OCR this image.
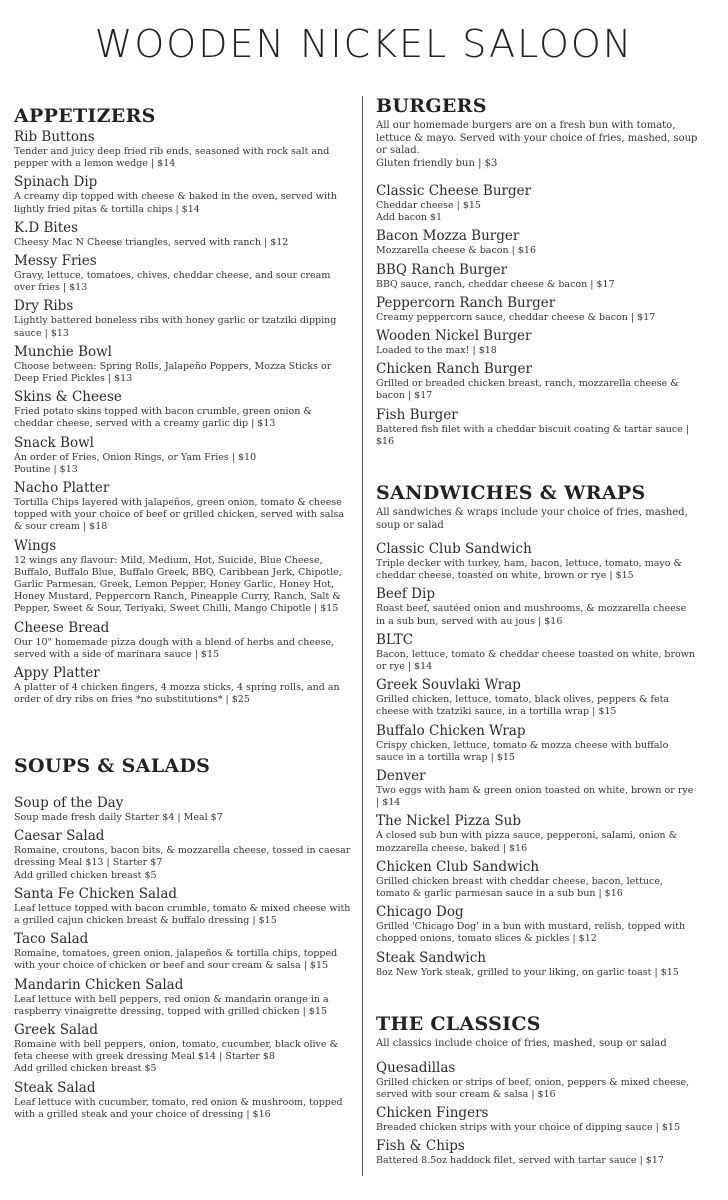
WOODEN NICKEL SALOON
APPETIZERS

Rib Buttons

Tender and juicy deep fried rib ends, seasoned with rock salt and pepper with a lemon wedge | $14

Spinach Dip

A creamy dip topped with cheese & baked in the oven, served with lightly fried pitas & tortilla chips | $14

K.D Bites

Cheesy Mac N Cheese triangles, served with ranch | $12

Messy Fries

Gravy, lettuce, tomatoes, chives, cheddar cheese, and sour cream over fries | $13

Dry Ribs

Lightly battered boneless ribs with honey garlic or tzatziki dipping sauce | $13

Munchie Bowl

Choose between: Spring Rolls, Jalapeño Poppers, Mozza Sticks or Deep Fried Pickles | $13

Skins & Cheese

Fried potato skins topped with bacon crumble, green onion & cheddar cheese, served with a creamy garlic dip | $13

Snack Bowl

An order of Fries, Onion Rings, or Yam Fries | $10
Poutine | $13

Nacho Platter

Tortilla Chips layered with jalapeños, green onion, tomato & cheese topped with your choice of beef or grilled chicken, served with salsa & sour cream | $18

Wings

12 wings any flavour: Mild, Medium, Hot, Suicide, Blue Cheese, Buffalo, Buffalo Blue, Buffalo Greek, BBQ, Caribbean Jerk, Chipotle, Garlic Parmesan, Greek, Lemon Pepper, Honey Garlic, Honey Hot, Honey Mustard, Peppercorn Ranch, Pineapple Curry, Ranch, Salt & Pepper, Sweet & Sour, Teriyaki, Sweet Chilli, Mango Chipotle | $15

Cheese Bread

Our 10" homemade pizza dough with a blend of herbs and cheese, served with a side of marinara sauce | $15

Appy Platter

A platter of 4 chicken fingers, 4 mozza sticks, 4 spring rolls, and an order of dry ribs on fries *no substitutions* | $25

SOUPS & SALADS

Soup of the Day

Soup made fresh daily Starter $4 | Meal $7

Caesar Salad

Romaine, croutons, bacon bits, & mozzarella cheese, tossed in caesar dressing Meal $13 | Starter $7
Add grilled chicken breast $5

Santa Fe Chicken Salad

Leaf lettuce topped with bacon crumble, tomato & mixed cheese with a grilled cajun chicken breast & buffalo dressing | $15

Taco Salad

Romaine, tomatoes, green onion, jalapeños & tortilla chips, topped with your choice of chicken or beef and sour cream & salsa | $15

Mandarin Chicken Salad

Leaf lettuce with bell peppers, red onion & mandarin orange in a raspberry vinaigrette dressing, topped with grilled chicken | $15

Greek Salad

Romaine with bell peppers, onion, tomato, cucumber, black olive & feta cheese with greek dressing Meal $14 | Starter $8
Add grilled chicken breast $5

Steak Salad

Leaf lettuce with cucumber, tomato, red onion & mushroom, topped with a grilled steak and your choice of dressing | $16

BURGERS

All our homemade burgers are on a fresh bun with tomato, lettuce & mayo. Served with your choice of fries, mashed, soup or salad.
Gluten friendly bun | $3

Classic Cheese Burger

Cheddar cheese | $15
Add bacon $1

Bacon Mozza Burger

Mozzarella cheese & bacon | $16

BBQ Ranch Burger

BBQ sauce, ranch, cheddar cheese & bacon | $17

Peppercorn Ranch Burger

Creamy peppercorn sauce, cheddar cheese & bacon | $17

Wooden Nickel Burger

Loaded to the max! | $18

Chicken Ranch Burger

Grilled or breaded chicken breast, ranch, mozzarella cheese & bacon | $17

Fish Burger

Battered fish filet with a cheddar biscuit coating & tartar sauce | $16

SANDWICHES & WRAPS

All sandwiches & wraps include your choice of fries, mashed, soup or salad

Classic Club Sandwich

Triple decker with turkey, ham, bacon, lettuce, tomato, mayo & cheddar cheese, toasted on white, brown or rye | $15

Beef Dip

Roast beef, sautéed onion and mushrooms, & mozzarella cheese in a sub bun, served with au jous | $16

BLTC

Bacon, lettuce, tomato & cheddar cheese toasted on white, brown or rye | $14

Greek Souvlaki Wrap

Grilled chicken, lettuce, tomato, black olives, peppers & feta cheese with tzatziki sauce, in a tortilla wrap | $15

Buffalo Chicken Wrap

Crispy chicken, lettuce, tomato & mozza cheese with buffalo sauce in a tortilla wrap | $15

Denver

Two eggs with ham & green onion toasted on white, brown or rye | $14

The Nickel Pizza Sub

A closed sub bun with pizza sauce, pepperoni, salami, onion & mozzarella cheese, baked | $16

Chicken Club Sandwich

Grilled chicken breast with cheddar cheese, bacon, lettuce, tomato & garlic parmesan sauce in a sub bun | $16

Chicago Dog

Grilled 'Chicago Dog' in a bun with mustard, relish, topped with chopped onions, tomato slices & pickles | $12

Steak Sandwich

8oz New York steak, grilled to your liking, on garlic toast | $15

THE CLASSICS

All classics include choice of fries, mashed, soup or salad

Quesadillas

Grilled chicken or strips of beef, onion, peppers & mixed cheese, served with sour cream & salsa | $16

Chicken Fingers

Breaded chicken strips with your choice of dipping sauce | $15

Fish & Chips

Battered 8.5oz haddock filet, served with tartar sauce | $17
